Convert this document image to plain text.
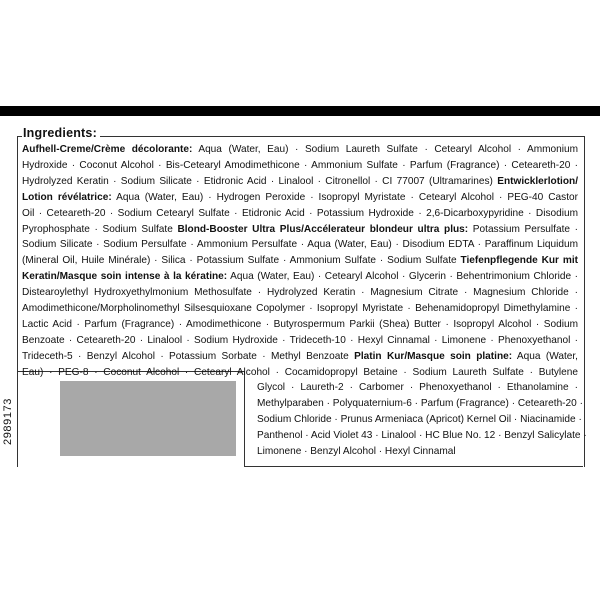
Ingredients:
Aufhell-Creme/Crème décolorante: Aqua (Water, Eau) · Sodium Laureth Sulfate · Cetearyl Alcohol · Ammonium
Hydroxide · Coconut Alcohol · Bis-Cetearyl Amodimethicone · Ammonium Sulfate · Parfum (Fragrance) · Ceteareth-20 ·
Hydrolyzed Keratin · Sodium Silicate · Etidronic Acid · Linalool · Citronellol · CI 77007 (Ultramarines) Entwicklerlotion/
Lotion révélatrice: Aqua (Water, Eau) · Hydrogen Peroxide · Isopropyl Myristate · Cetearyl Alcohol · PEG-40 Castor
Oil · Ceteareth-20 · Sodium Cetearyl Sulfate · Etidronic Acid · Potassium Hydroxide · 2,6-Dicarboxypyridine · Disodium
Pyrophosphate · Sodium Sulfate Blond-Booster Ultra Plus/Accélerateur blondeur ultra plus: Potassium Persulfate ·
Sodium Silicate · Sodium Persulfate · Ammonium Persulfate · Aqua (Water, Eau) · Disodium EDTA · Paraffinum Liquidum
(Mineral Oil, Huile Minérale) · Silica · Potassium Sulfate · Ammonium Sulfate · Sodium Sulfate Tiefenpflegende Kur mit
Keratin/Masque soin intense à la kératine: Aqua (Water, Eau) · Cetearyl Alcohol · Glycerin · Behentrimonium Chloride ·
Distearoylethyl Hydroxyethylmonium Methosulfate · Hydrolyzed Keratin · Magnesium Citrate · Magnesium Chloride ·
Amodimethicone/Morpholinomethyl Silsesquioxane Copolymer · Isopropyl Myristate · Behenamidopropyl Dimethylamine ·
Lactic Acid · Parfum (Fragrance) · Amodimethicone · Butyrospermum Parkii (Shea) Butter · Isopropyl Alcohol · Sodium
Benzoate · Ceteareth-20 · Linalool · Sodium Hydroxide · Trideceth-10 · Hexyl Cinnamal · Limonene · Phenoxyethanol ·
Trideceth-5 · Benzyl Alcohol · Potassium Sorbate · Methyl Benzoate Platin Kur/Masque soin platine: Aqua (Water,
Eau) · PEG-8 · Coconut Alcohol · Cetearyl Alcohol · Cocamidopropyl Betaine · Sodium Laureth Sulfate · Butylene
Glycol · Laureth-2 · Carbomer · Phenoxyethanol · Ethanolamine ·
Methylparaben · Polyquaternium-6 · Parfum (Fragrance) · Ceteareth-20 ·
Sodium Chloride · Prunus Armeniaca (Apricot) Kernel Oil · Niacinamide ·
Panthenol · Acid Violet 43 · Linalool · HC Blue No. 12 · Benzyl Salicylate ·
Limonene · Benzyl Alcohol · Hexyl Cinnamal
2989173
